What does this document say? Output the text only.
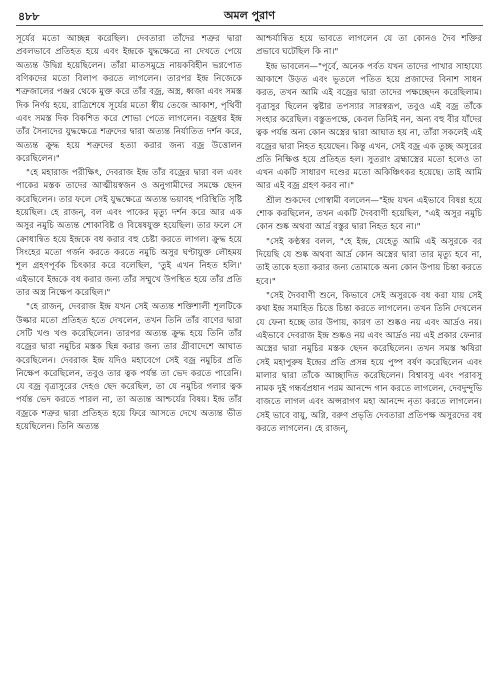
৪৮৮	অমল পুরাণ

সূর্যের মতো আচ্ছন্ন করেছিল। দেবতারা তাঁদের শত্রুর দ্বারা প্রবলভাবে প্রতিহত হয়ে এবং ইন্দ্রকে যুদ্ধক্ষেত্রে না দেখতে পেয়ে অত্যন্ত উদ্বিগ্ন হয়েছিলেন। তাঁরা মাতসমুদ্রে নায়কবিহীন ভগ্নপোত বণিকদের মতো বিলাপ করতে লাগলেন। তারপর ইন্দ্র নিজেকে শত্রুজালের পঞ্জর থেকে মুক্ত করে তাঁর বজ্র, অস্ত্র, ধ্বজা এবং সমস্ত দিক নির্ণয় হয়ে, রাত্রিশেষে সূর্যের মতো স্বীয় তেজে আকাশ, পৃথিবী এবং সমস্ত দিক বিকশিত করে শোভা পেতে লাগলেন। বজ্রধর ইন্দ্র তাঁর সৈন্যদের যুদ্ধক্ষেত্রে শত্রুদের দ্বারা অত্যন্ত নির্যাতিত দর্শন করে, অত্যন্ত ক্রুদ্ধ হয়ে শত্রুদের হত্যা করার জন্য বজ্র উত্তোলন করেছিলেন।"

"হে মহারাজ পরীক্ষিৎ, দেবরাজ ইন্দ্র তাঁর বজ্রের দ্বারা বল এবং পাকের মস্তক তাদের আত্মীয়স্বজন ও অনুগামীদের সমক্ষে ছেদন করেছিলেন। তার ফলে সেই যুদ্ধক্ষেত্রে অত্যন্ত ভয়াবহ পরিস্থিতি সৃষ্টি হয়েছিল। হে রাজন্, বল এবং পাকের মৃত্যু দর্শন করে আর এক অসুর নমুচি অত্যন্ত শোকাবিষ্ট ও বিষেষযুক্ত হয়েছিল। তার ফলে সে ক্রোধান্বিত হয়ে ইন্দ্রকে বধ করার বহু চেষ্টা করতে লাগল। ক্রুদ্ধ হয়ে সিংহের মতো গর্জন করতে করতে নমুচি অসুর ঘণ্টাযুক্ত লৌহময় শূল গ্রহণপূর্বক চিৎকার করে বলেছিল, 'তুই এখন নিহত হলি।' এইভাবে ইন্দ্রকে বধ করার জন্য তাঁর সম্মুখে উপস্থিত হয়ে তাঁর প্রতি তার অস্ত্র নিক্ষেপ করেছিল।"

"হে রাজন্, দেবরাজ ইন্দ্র যখন সেই অত্যন্ত শক্তিশালী শূলটিকে উল্কার মতো প্রতিহত হতে দেখলেন, তখন তিনি তাঁর বাণের দ্বারা সেটি খণ্ড খণ্ড করেছিলেন। তারপর অত্যন্ত ক্রুদ্ধ হয়ে তিনি তাঁর বজ্রের দ্বারা নমুচির মস্তক ছিন্ন করার জন্য তার গ্রীবাদেশে আঘাত করেছিলেন। দেবরাজ ইন্দ্র যদিও মহাবেগে সেই বজ্র নমুচির প্রতি নিক্ষেপ করেছিলেন, তবুও তার ত্বক পর্যন্ত তা ভেদ করতে পারেনি। যে বজ্র বৃত্রাসুরের দেহও ছেদ করেছিল, তা যে নমুচির গলার ত্বক পর্যন্ত ভেদ করতে পারল না, তা অত্যন্ত আশ্চর্যের বিষয়। ইন্দ্র তাঁর বজ্রকে শত্রুর দ্বারা প্রতিহত হয়ে ফিরে আসতে দেখে অত্যন্ত ভীত হয়েছিলেন। তিনি অত্যন্ত

আশ্চর্যান্বিত হয়ে ভাবতে লাগলেন যে তা কোনও দৈব শক্তির প্রভাবে ঘটেছিল কি না।"

ইন্দ্র ভাবলেন—"পূর্বে, অনেক পর্বত যখন তাদের পাখার সাহায্যে আকাশে উড়ত এবং ভূতলে পতিত হয়ে প্রজাদের বিনাশ সাধন করত, তখন আমি এই বজ্রের দ্বারা তাদের পক্ষচ্ছেদন করেছিলাম। বৃত্রাসুর ছিলেন ত্বষ্টার তপস্যার সারস্বরূপ, তবুও এই বজ্র তাঁকে সংহার করেছিল। বস্তুতপক্ষে, কেবল তিনিই নন, অন্য বহু বীর যাঁদের ত্বক পর্যন্ত অন্য কোন অস্ত্রের দ্বারা আঘাত হয় না, তাঁরা সকলেই এই বজ্রের দ্বারা নিহত হয়েছেন। কিন্তু এখন, সেই বজ্র এক তুচ্ছ অসুরের প্রতি নিক্ষিপ্ত হয়ে প্রতিহত হল। সুতরাং ব্রহ্মাস্ত্রের মতো হলেও তা এখন একটি সাধারণ দণ্ডের মতো অকিঞ্চিৎকর হয়েছে। তাই আমি আর এই বজ্র গ্রহণ করব না।"

শ্রীল শুকদেব গোস্বামী বললেন—"ইন্দ্র যখন এইভাবে বিষণ্ণ হয়ে শোক করছিলেন, তখন একটি দৈববাণী হয়েছিল, "এই অসুর নমুচি কোন শুষ্ক অথবা আর্দ্র বস্তুর দ্বারা নিহত হবে না।"

"সেই কণ্ঠস্বর বলল, "হে ইন্দ্র, যেহেতু আমি এই অসুরকে বর দিয়েছি যে শুষ্ক অথবা আর্দ্র কোন অস্ত্রের দ্বারা তার মৃত্যু হবে না, তাই তাকে হত্যা করার জন্য তোমাকে অন্য কোন উপায় চিন্তা করতে হবে।"

"সেই দৈববাণী শুনে, কিভাবে সেই অসুরকে বধ করা যায় সেই কথা ইন্দ্র সমাহিত চিত্তে চিন্তা করতে লাগলেন। তখন তিনি দেখলেন যে ফেনা হচ্ছে তার উপায়, কারণ তা শুষ্কও নয় এবং আর্দ্রও নয়। এইভাবে দেবরাজ ইন্দ্র শুষ্কও নয় এবং আর্দ্রও নয় এই প্রকার ফেনার অস্ত্রের দ্বারা নমুচির মস্তক ছেদন করেছিলেন। তখন সমস্ত ঋষিরা সেই মহাপুরুষ ইন্দ্রের প্রতি প্রসন্ন হয়ে পুষ্প বর্ষণ করেছিলেন এবং মালার দ্বারা তাঁকে আচ্ছাদিত করেছিলেন। বিশ্বাবসু এবং পরাবসু নামক দুই গন্ধর্বপ্রধান পরম আনন্দে গান করতে লাগলেন, দেবদুন্দুভি বাজতে লাগল এবং অপ্সরাগণ মহা আনন্দে নৃত্য করতে লাগলেন। সেই ভাবে বায়ু, অগ্নি, বরুণ প্রভৃতি দেবতারা প্রতিপক্ষ অসুরদের বধ করতে লাগলেন। হে রাজন্,
